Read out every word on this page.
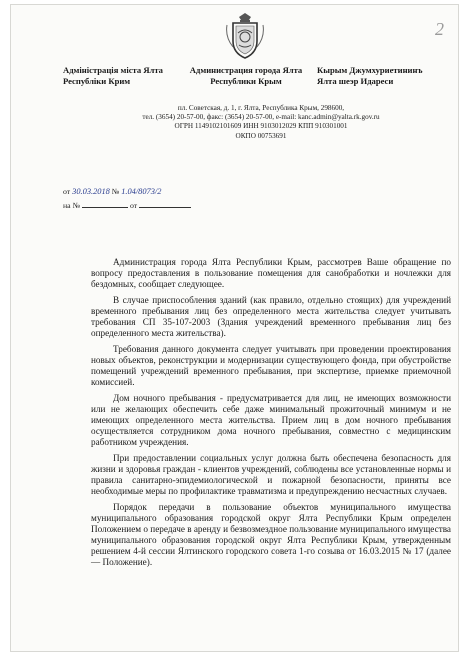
2
Адміністрація міста Ялта
Республіки Крим
Администрация города Ялта
Республики Крым
Кырым Джумхуриетининъ
Ялта шеэр Идареси
пл. Советская, д. 1, г. Ялта, Республика Крым, 298600,
тел. (3654) 20-57-00, факс: (3654) 20-57-00, e-mail: kanc.admin@yalta.rk.gov.ru
ОГРН 1149102101609 ИНН 9103012029 КПП 910301001
ОКПО 00753691
от 30.03.2018 № 1.04/8073/2
на №	от

Администрация города Ялта Республики Крым, рассмотрев Ваше обращение по вопросу предоставления в пользование помещения для санобработки и ночлежки для бездомных, сообщает следующее.

В случае приспособления зданий (как правило, отдельно стоящих) для учреждений временного пребывания лиц без определенного места жительства следует учитывать требования СП 35-107-2003 (Здания учреждений временного пребывания лиц без определенного места жительства).

Требования данного документа следует учитывать при проведении проектирования новых объектов, реконструкции и модернизации существующего фонда, при обустройстве помещений учреждений временного пребывания, при экспертизе, приемке приемочной комиссией.

Дом ночного пребывания - предусматривается для лиц, не имеющих возможности или не желающих обеспечить себе даже минимальный прожиточный минимум и не имеющих определенного места жительства. Прием лиц в дом ночного пребывания осуществляется сотрудником дома ночного пребывания, совместно с медицинским работником учреждения.

При предоставлении социальных услуг должна быть обеспечена безопасность для жизни и здоровья граждан - клиентов учреждений, соблюдены все установленные нормы и правила санитарно-эпидемиологической и пожарной безопасности, приняты все необходимые меры по профилактике травматизма и предупреждению несчастных случаев.

Порядок передачи в пользование объектов муниципального имущества муниципального образования городской округ Ялта Республики Крым определен Положением о передаче в аренду и безвозмездное пользование муниципального имущества муниципального образования городской округ Ялта Республики Крым, утвержденным решением 4-й сессии Ялтинского городского совета 1-го созыва от 16.03.2015 № 17 (далее — Положение).
